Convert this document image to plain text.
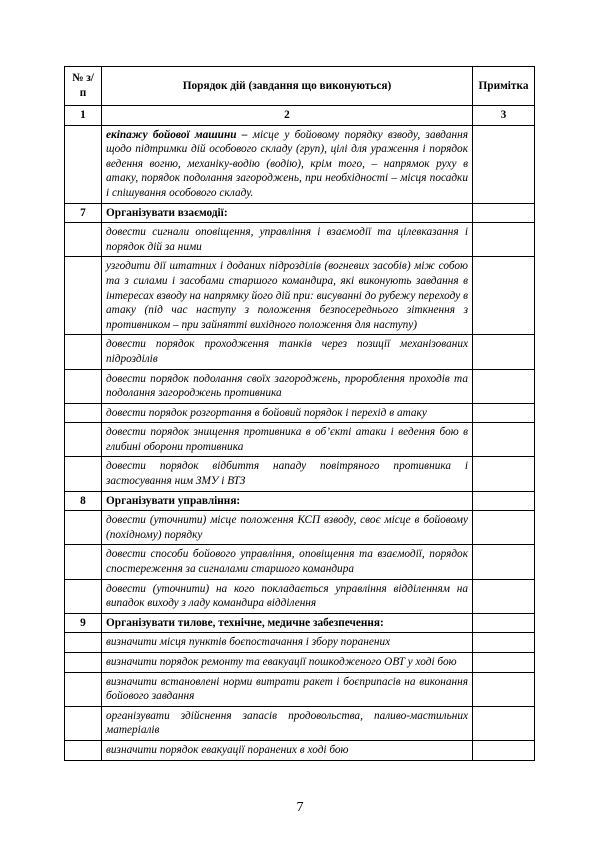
№ з/п	Порядок дій (завдання що виконуються)	Примітка
1	2	3
	екіпажу бойової машини – місце у бойовому порядку взводу, завдання щодо підтримки дій особового складу (груп), цілі для ураження і порядок ведення вогню, механіку-водію (водію), крім того, – напрямок руху в атаку, порядок подолання загороджень, при необхідності – місця посадки і спішування особового складу.	
7	Організувати взаємодії:	
	довести сигнали оповіщення, управління і взаємодії та цілевказання і порядок дій за ними	
	узгодити дії штатних і доданих підрозділів (вогневих засобів) між собою та з силами і засобами старшого командира, які виконують завдання в інтересах взводу на напрямку його дій при: висуванні до рубежу переходу в атаку (під час наступу з положення безпосереднього зіткнення з противником – при зайнятті вихідного положення для наступу)	
	довести порядок проходження танків через позиції механізованих підрозділів	
	довести порядок подолання своїх загороджень, пророблення проходів та подолання загороджень противника	
	довести порядок розгортання в бойовий порядок і перехід в атаку	
	довести порядок знищення противника в об’єкті атаки і ведення бою в глибині оборони противника	
	довести порядок відбиття нападу повітряного противника і застосування ним ЗМУ і ВТЗ	
8	Організувати управління:	
	довести (уточнити) місце положення КСП взводу, своє місце в бойовому (похідному) порядку	
	довести способи бойового управління, оповіщення та взаємодії, порядок спостереження за сигналами старшого командира	
	довести (уточнити) на кого покладається управління відділенням на випадок виходу з ладу командира відділення	
9	Організувати тилове, технічне, медичне забезпечення:	
	визначити місця пунктів боєпостачання і збору поранених	
	визначити порядок ремонту та евакуації пошкодженого ОВТ у ході бою	
	визначити встановлені норми витрати ракет і боєприпасів на виконання бойового завдання	
	організувати здійснення запасів продовольства, паливо-мастильних матеріалів	
	визначити порядок евакуації поранених в ході бою	
7
